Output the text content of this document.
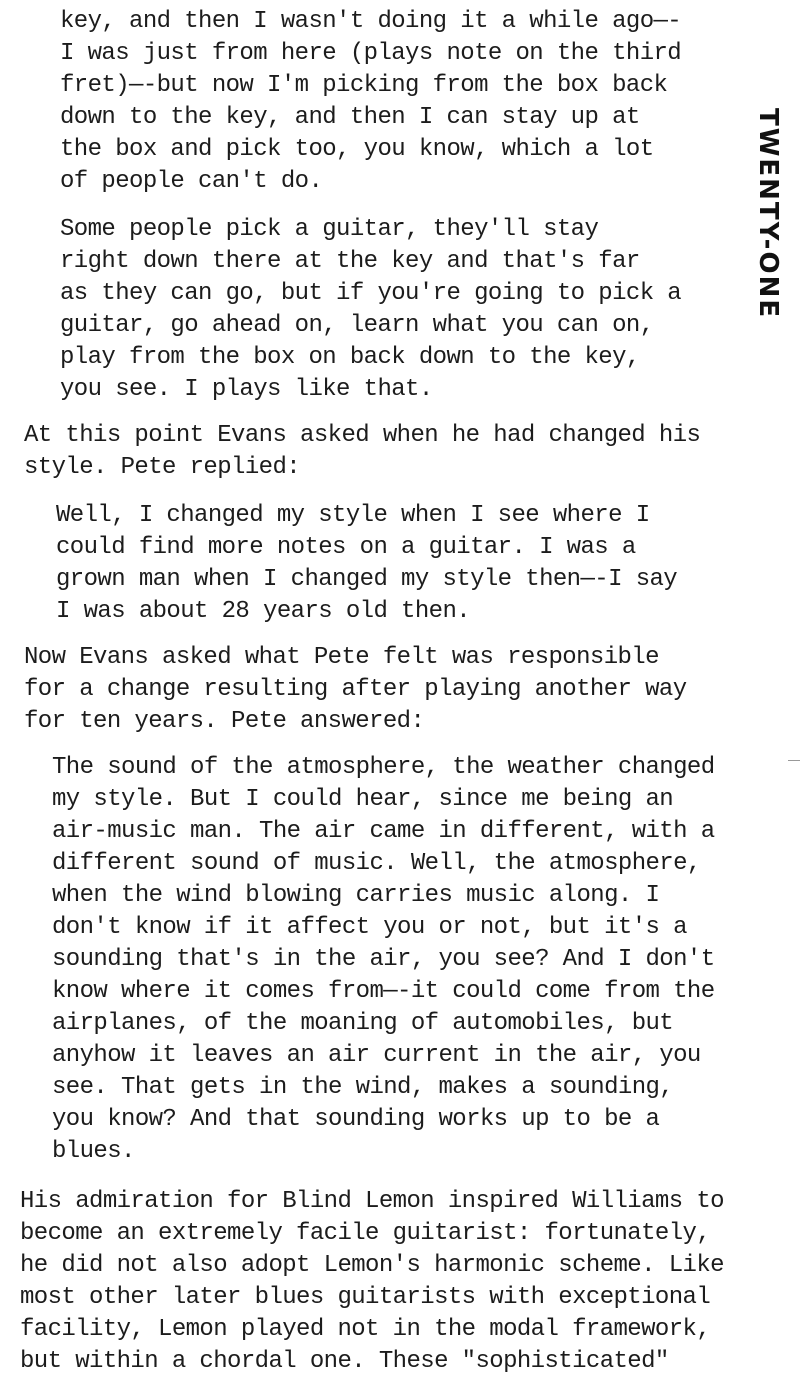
key, and then I wasn't doing it a while ago—-
I was just from here (plays note on the third
fret)—-but now I'm picking from the box back
down to the key, and then I can stay up at
the box and pick too, you know, which a lot
of people can't do.
Some people pick a guitar, they'll stay
right down there at the key and that's far
as they can go, but if you're going to pick a
guitar, go ahead on, learn what you can on,
play from the box on back down to the key,
you see. I plays like that.
At this point Evans asked when he had changed his
style. Pete replied:
Well, I changed my style when I see where I
could find more notes on a guitar. I was a
grown man when I changed my style then—-I say
I was about 28 years old then.
Now Evans asked what Pete felt was responsible
for a change resulting after playing another way
for ten years. Pete answered:
The sound of the atmosphere, the weather changed
my style. But I could hear, since me being an
air-music man. The air came in different, with a
different sound of music. Well, the atmosphere,
when the wind blowing carries music along. I
don't know if it affect you or not, but it's a
sounding that's in the air, you see? And I don't
know where it comes from—-it could come from the
airplanes, of the moaning of automobiles, but
anyhow it leaves an air current in the air, you
see. That gets in the wind, makes a sounding,
you know? And that sounding works up to be a
blues.
His admiration for Blind Lemon inspired Williams to
become an extremely facile guitarist: fortunately,
he did not also adopt Lemon's harmonic scheme. Like
most other later blues guitarists with exceptional
facility, Lemon played not in the modal framework,
but within a chordal one. These "sophisticated"
TWENTY-ONE
